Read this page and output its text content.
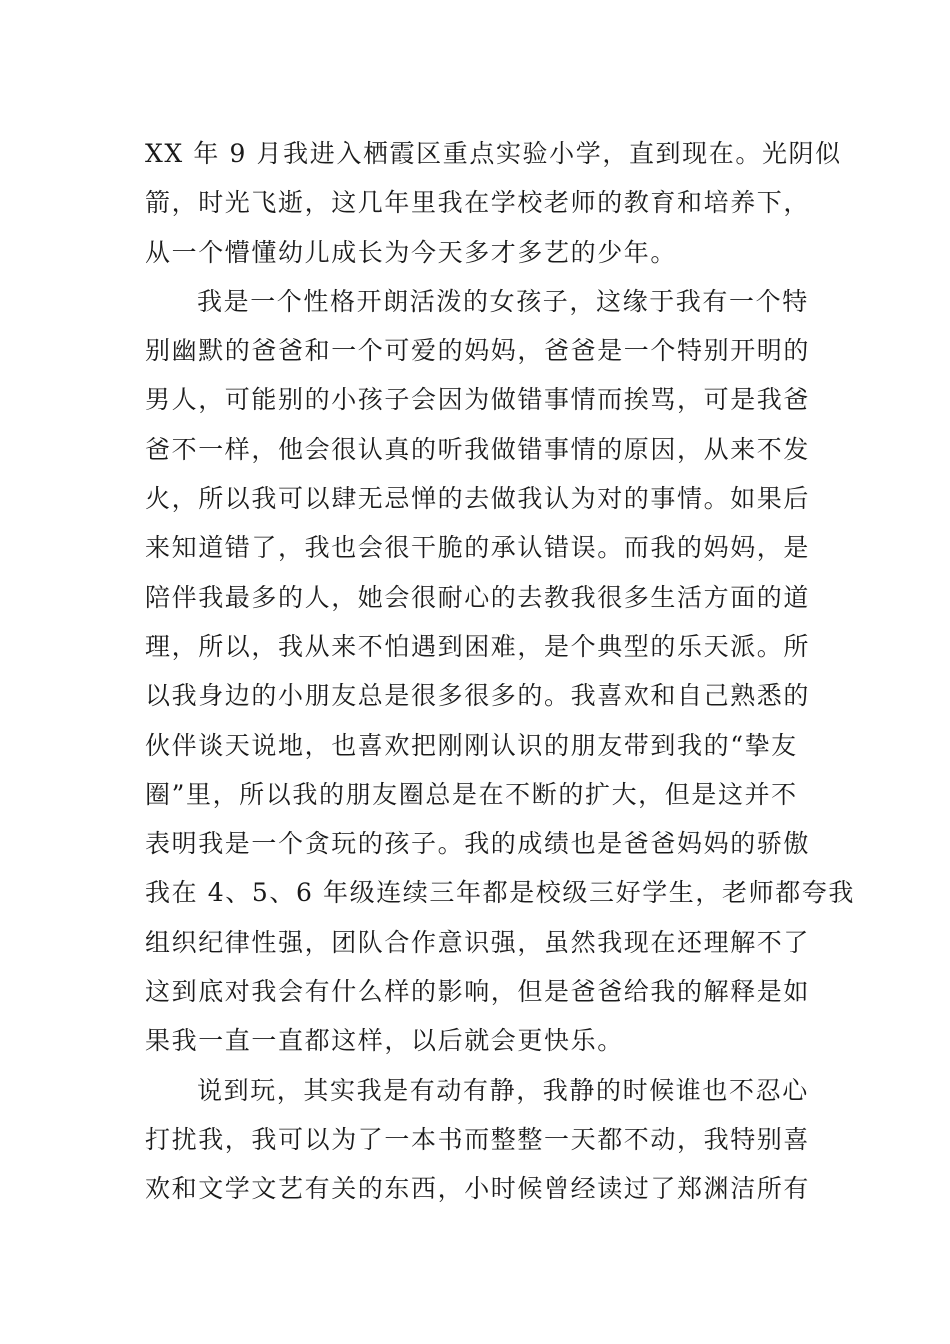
XX 年 9 月我进入栖霞区重点实验小学，直到现在。光阴似
箭，时光飞逝，这几年里我在学校老师的教育和培养下，
从一个懵懂幼儿成长为今天多才多艺的少年。
我是一个性格开朗活泼的女孩子，这缘于我有一个特
别幽默的爸爸和一个可爱的妈妈，爸爸是一个特别开明的
男人，可能别的小孩子会因为做错事情而挨骂，可是我爸
爸不一样，他会很认真的听我做错事情的原因，从来不发
火，所以我可以肆无忌惮的去做我认为对的事情。如果后
来知道错了，我也会很干脆的承认错误。而我的妈妈，是
陪伴我最多的人，她会很耐心的去教我很多生活方面的道
理，所以，我从来不怕遇到困难，是个典型的乐天派。所
以我身边的小朋友总是很多很多的。我喜欢和自己熟悉的
伙伴谈天说地，也喜欢把刚刚认识的朋友带到我的“挚友
圈”里，所以我的朋友圈总是在不断的扩大，但是这并不
表明我是一个贪玩的孩子。我的成绩也是爸爸妈妈的骄傲
我在 4、5、6 年级连续三年都是校级三好学生，老师都夸我
组织纪律性强，团队合作意识强，虽然我现在还理解不了
这到底对我会有什么样的影响，但是爸爸给我的解释是如
果我一直一直都这样，以后就会更快乐。
说到玩，其实我是有动有静，我静的时候谁也不忍心
打扰我，我可以为了一本书而整整一天都不动，我特别喜
欢和文学文艺有关的东西，小时候曾经读过了郑渊洁所有
